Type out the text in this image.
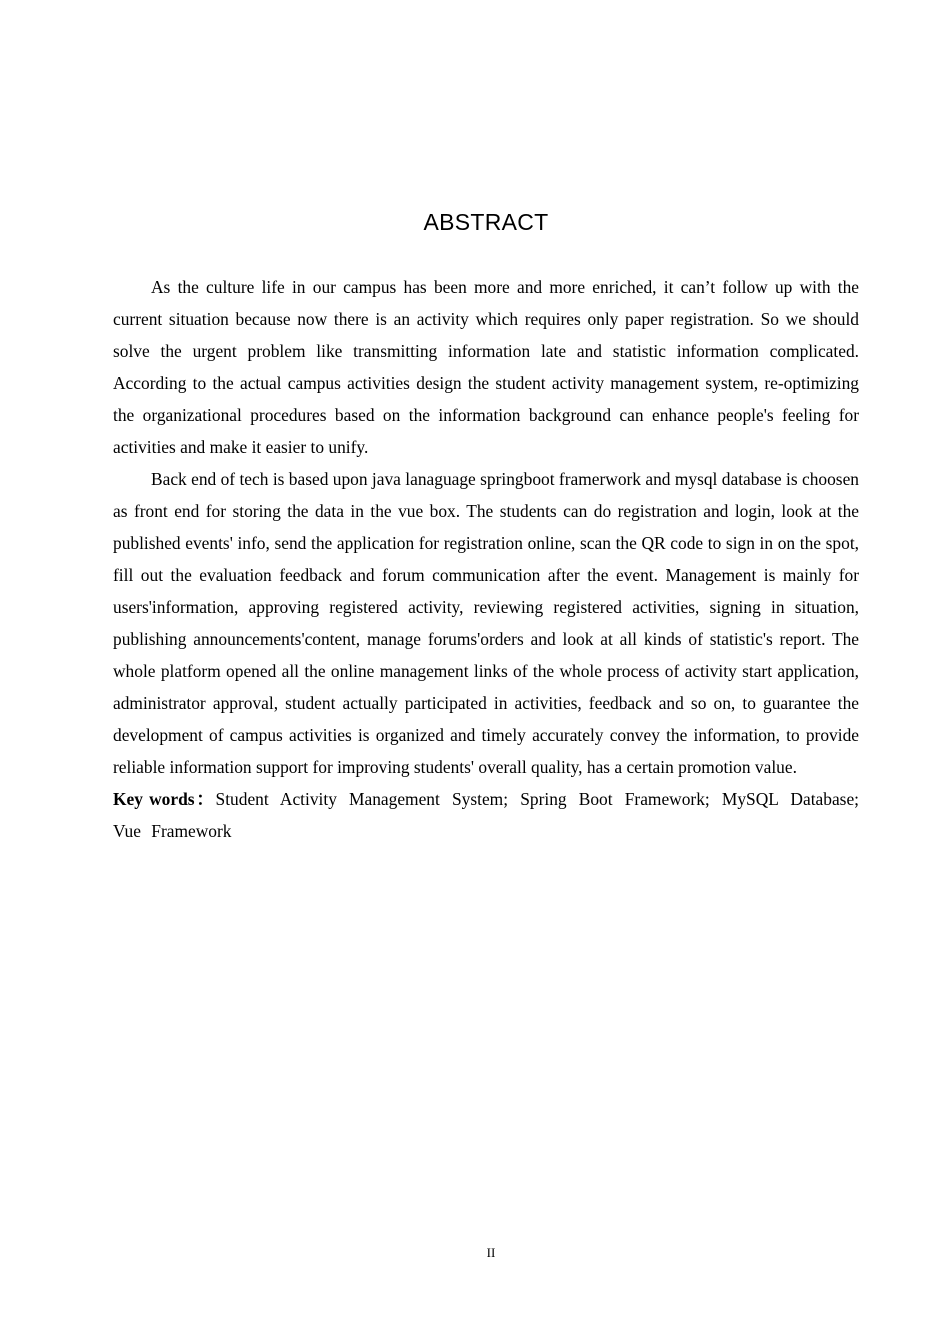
ABSTRACT

As the culture life in our campus has been more and more enriched, it can’t follow up with the current situation because now there is an activity which requires only paper registration. So we should solve the urgent problem like transmitting information late and statistic information complicated. According to the actual campus activities design the student activity management system, re-optimizing the organizational procedures based on the information background can enhance people's feeling for activities and make it easier to unify.

Back end of tech is based upon java lanaguage springboot framerwork and mysql database is choosen as front end for storing the data in the vue box. The students can do registration and login, look at the published events' info, send the application for registration online, scan the QR code to sign in on the spot, fill out the evaluation feedback and forum communication after the event. Management is mainly for users'information, approving registered activity, reviewing registered activities, signing in situation, publishing announcements'content, manage forums'orders and look at all kinds of statistic's report. The whole platform opened all the online management links of the whole process of activity start application, administrator approval, student actually participated in activities, feedback and so on, to guarantee the development of campus activities is organized and timely accurately convey the information, to provide reliable information support for improving students' overall quality, has a certain promotion value.

Key words：Student Activity Management System; Spring Boot Framework; MySQL Database; Vue Framework

II
